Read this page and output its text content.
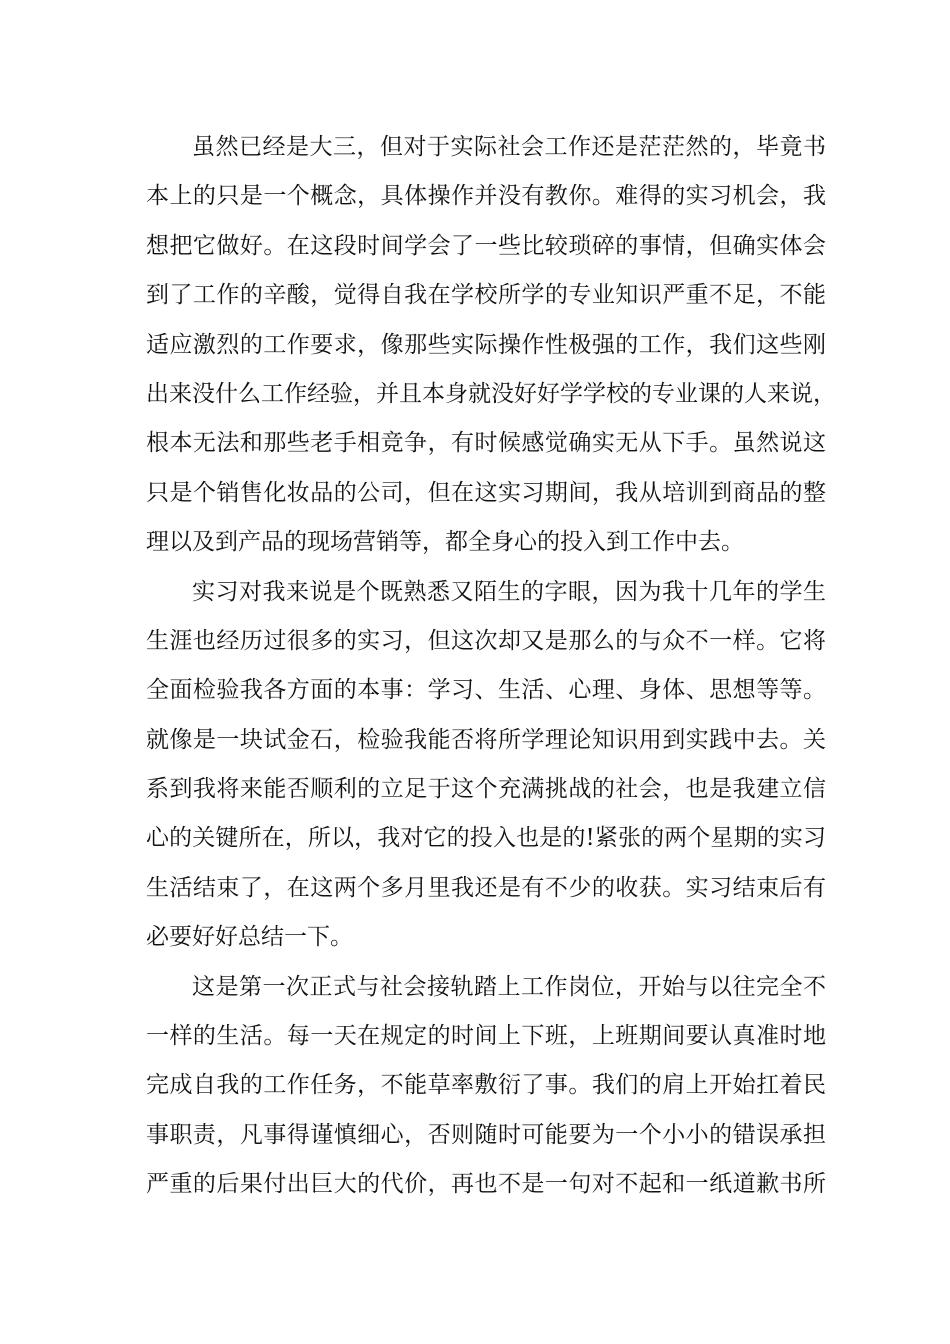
虽然已经是大三，但对于实际社会工作还是茫茫然的，毕竟书
本上的只是一个概念，具体操作并没有教你。难得的实习机会，我
想把它做好。在这段时间学会了一些比较琐碎的事情，但确实体会
到了工作的辛酸，觉得自我在学校所学的专业知识严重不足，不能
适应激烈的工作要求，像那些实际操作性极强的工作，我们这些刚
出来没什么工作经验，并且本身就没好好学学校的专业课的人来说，
根本无法和那些老手相竞争，有时候感觉确实无从下手。虽然说这
只是个销售化妆品的公司，但在这实习期间，我从培训到商品的整
理以及到产品的现场营销等，都全身心的投入到工作中去。
实习对我来说是个既熟悉又陌生的字眼，因为我十几年的学生
生涯也经历过很多的实习，但这次却又是那么的与众不一样。它将
全面检验我各方面的本事：学习、生活、心理、身体、思想等等。
就像是一块试金石，检验我能否将所学理论知识用到实践中去。关
系到我将来能否顺利的立足于这个充满挑战的社会，也是我建立信
心的关键所在，所以，我对它的投入也是的!紧张的两个星期的实习
生活结束了，在这两个多月里我还是有不少的收获。实习结束后有
必要好好总结一下。
这是第一次正式与社会接轨踏上工作岗位，开始与以往完全不
一样的生活。每一天在规定的时间上下班，上班期间要认真准时地
完成自我的工作任务，不能草率敷衍了事。我们的肩上开始扛着民
事职责，凡事得谨慎细心，否则随时可能要为一个小小的错误承担
严重的后果付出巨大的代价，再也不是一句对不起和一纸道歉书所
